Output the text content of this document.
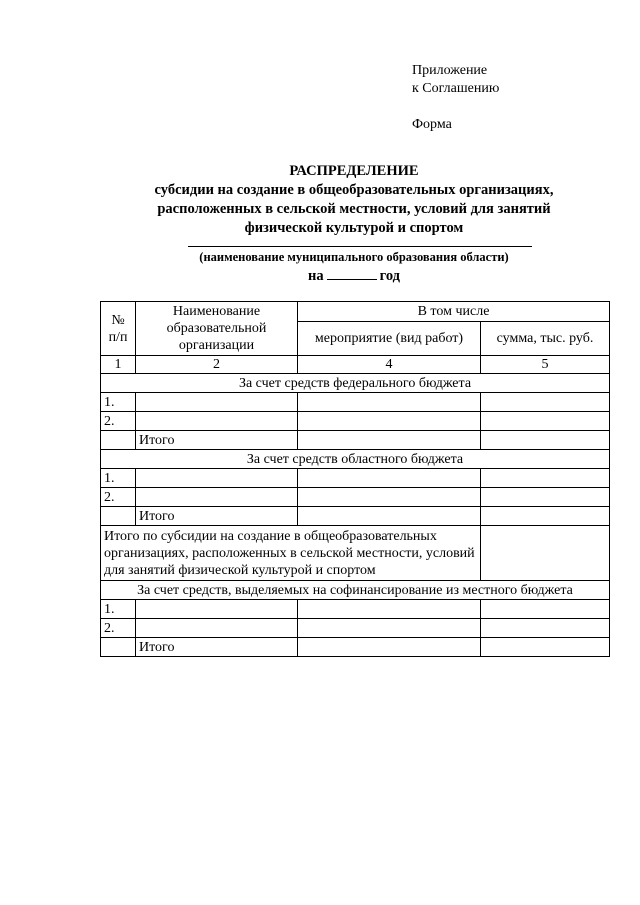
Приложение
к Соглашению
Форма
РАСПРЕДЕЛЕНИЕ
субсидии на создание в общеобразовательных организациях,
расположенных в сельской местности, условий для занятий
физической культурой и спортом
(наименование муниципального образования области)
на	год
№ п/п	Наименование образовательной организации	В том числе	
		мероприятие (вид работ)	сумма, тыс. руб.
1	2	4	5
За счет средств федерального бюджета			
1.			
2.			
	Итого		
За счет средств областного бюджета			
1.			
2.			
	Итого		
Итого по субсидии на создание в общеобразовательных организациях, расположенных в сельской местности, условий для занятий физической культурой и спортом			
За счет средств, выделяемых на софинансирование из местного бюджета			
1.			
2.			
	Итого		
